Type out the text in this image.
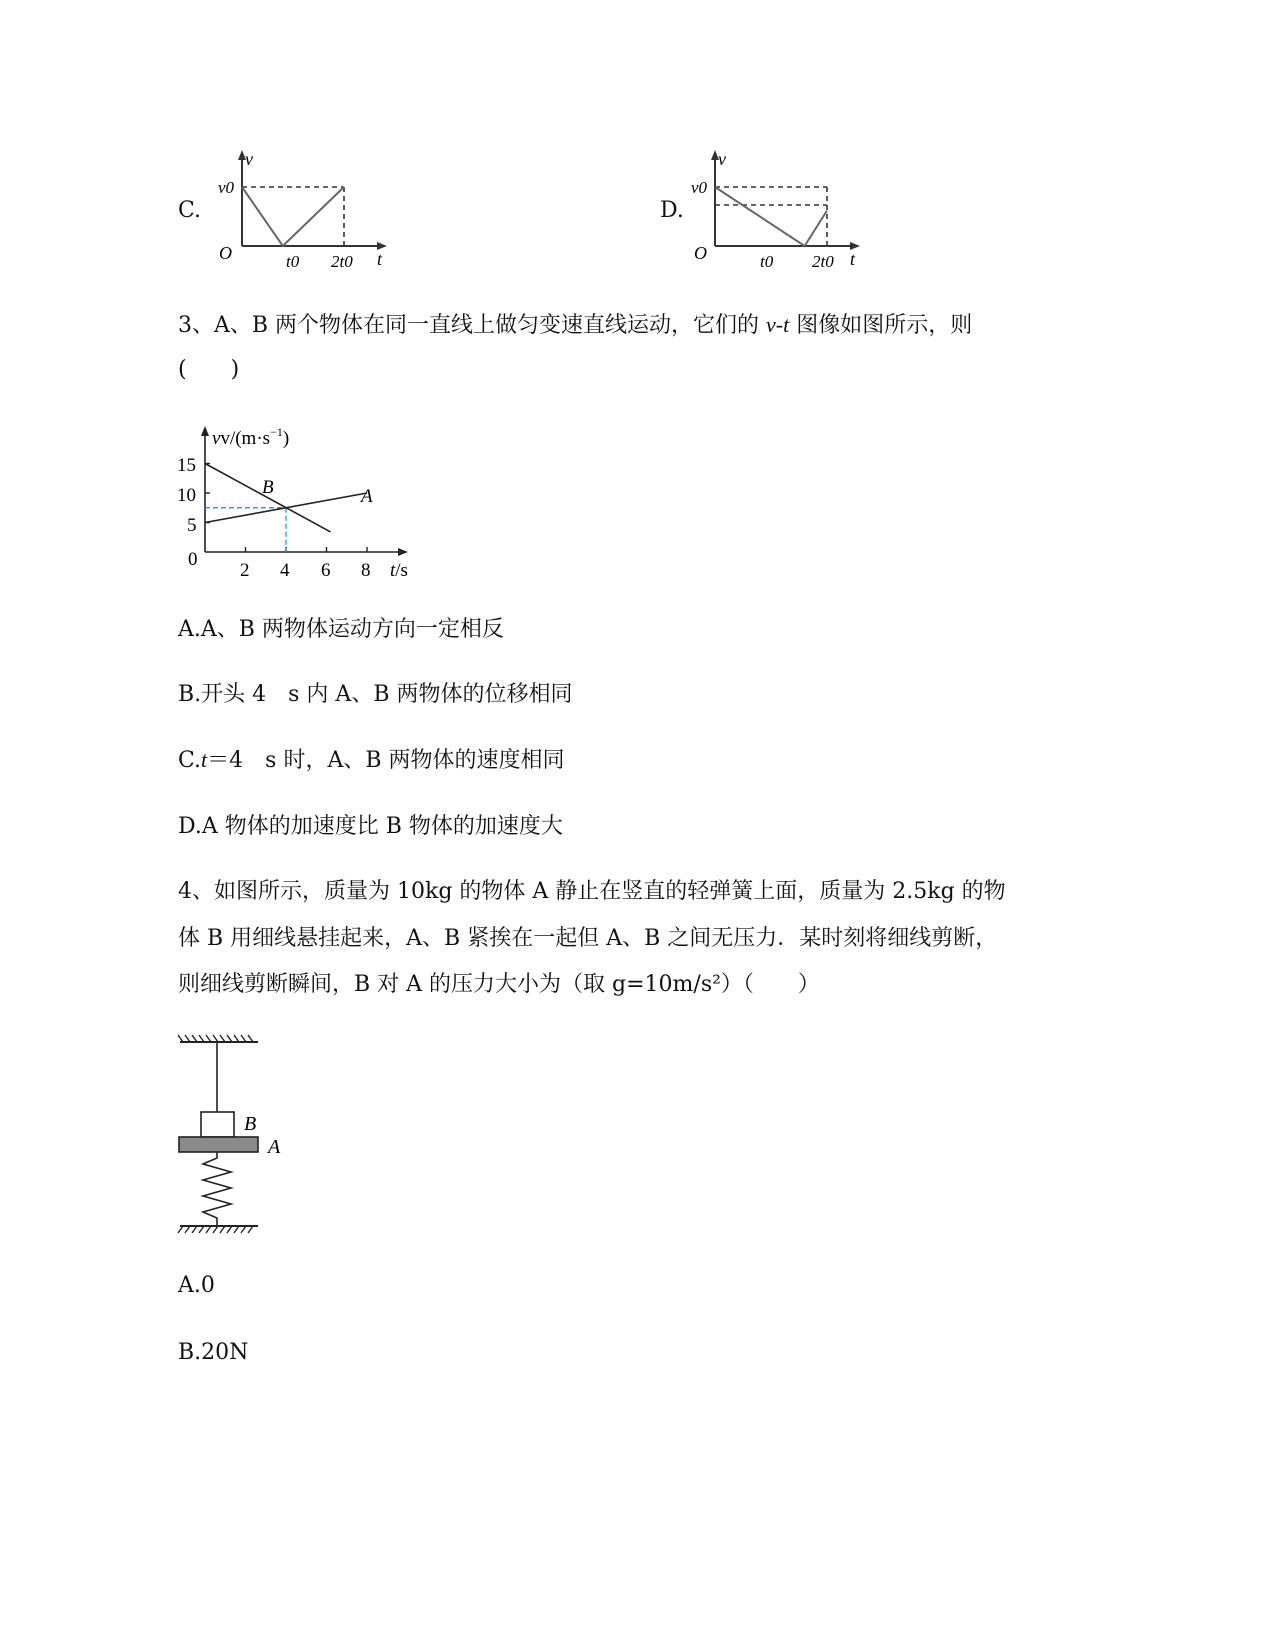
C.
v
v0
O	t0 2t0 t
D.
v
v0
O	t0 2t0 t
3、A、B 两个物体在同一直线上做匀变速直线运动，它们的 v-t 图像如图所示，则
(　　)
$vv/(m\cdot s^{-1})$
15
10
5
0
2 4 6 8 t/s
A
B
A.A、B 两物体运动方向一定相反
B.开头 4　s 内 A、B 两物体的位移相同
C.t＝4　s 时，A、B 两物体的速度相同
D.A 物体的加速度比 B 物体的加速度大
4、如图所示，质量为 10kg 的物体 A 静止在竖直的轻弹簧上面，质量为 2.5kg 的物
体 B 用细线悬挂起来，A、B 紧挨在一起但 A、B 之间无压力．某时刻将细线剪断，
则细线剪断瞬间，B 对 A 的压力大小为（取 g=10m/s²）（　　）
B
A
A.0
B.20N
